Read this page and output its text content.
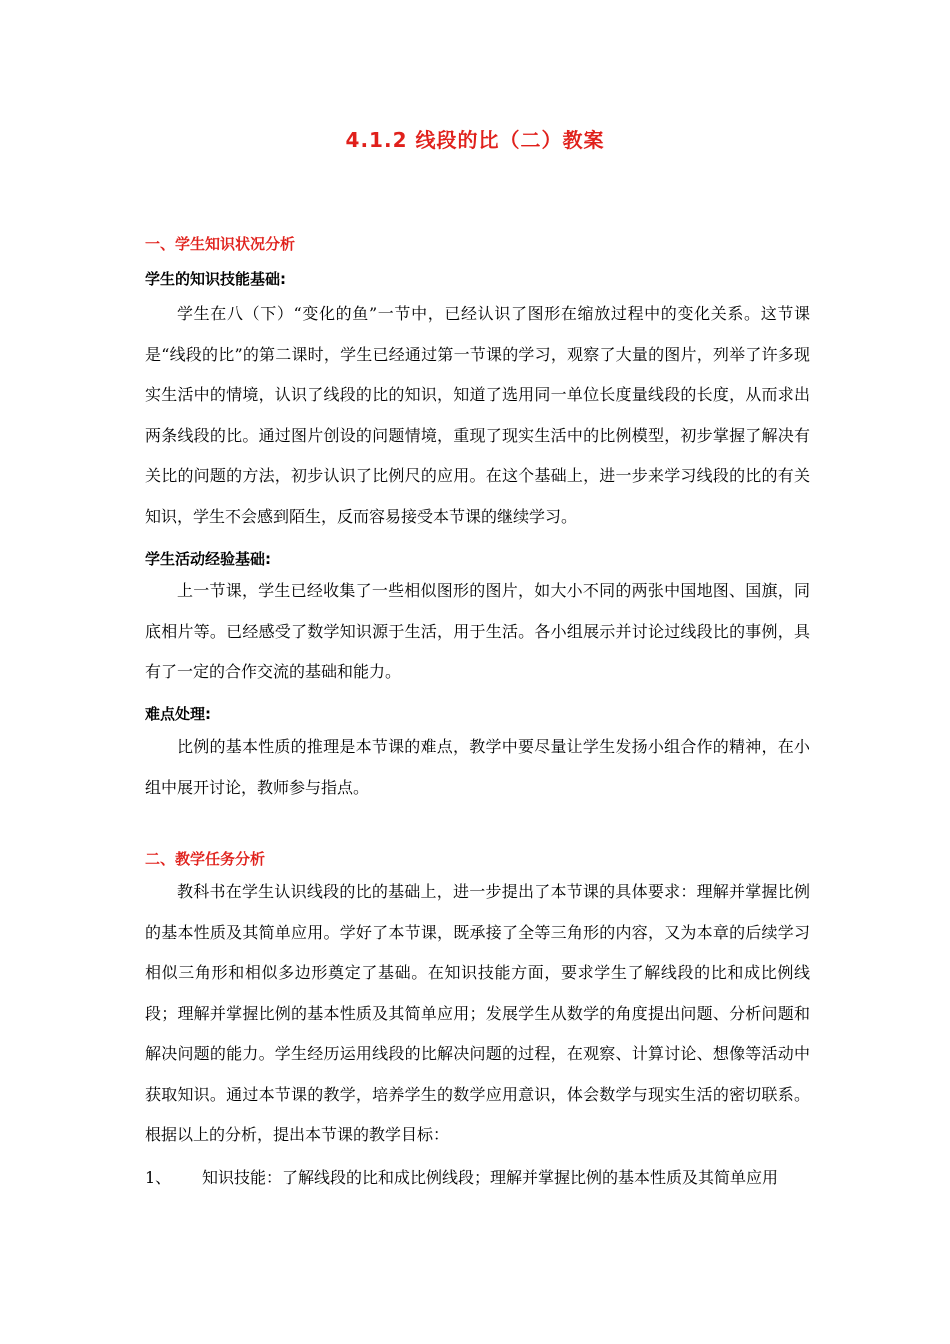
4.1.2 线段的比（二）教案
一、学生知识状况分析
学生的知识技能基础:

学生在八（下）“变化的鱼”一节中，已经认识了图形在缩放过程中的变化关系。这节课是“线段的比”的第二课时，学生已经通过第一节课的学习，观察了大量的图片，列举了许多现实生活中的情境，认识了线段的比的知识，知道了选用同一单位长度量线段的长度，从而求出两条线段的比。通过图片创设的问题情境，重现了现实生活中的比例模型，初步掌握了解决有关比的问题的方法，初步认识了比例尺的应用。在这个基础上，进一步来学习线段的比的有关知识，学生不会感到陌生，反而容易接受本节课的继续学习。

学生活动经验基础:

上一节课，学生已经收集了一些相似图形的图片，如大小不同的两张中国地图、国旗，同底相片等。已经感受了数学知识源于生活，用于生活。各小组展示并讨论过线段比的事例，具有了一定的合作交流的基础和能力。

难点处理:

比例的基本性质的推理是本节课的难点，教学中要尽量让学生发扬小组合作的精神，在小组中展开讨论，教师参与指点。

二、教学任务分析

教科书在学生认识线段的比的基础上，进一步提出了本节课的具体要求：理解并掌握比例的基本性质及其简单应用。学好了本节课，既承接了全等三角形的内容，又为本章的后续学习相似三角形和相似多边形奠定了基础。在知识技能方面，要求学生了解线段的比和成比例线段；理解并掌握比例的基本性质及其简单应用；发展学生从数学的角度提出问题、分析问题和解决问题的能力。学生经历运用线段的比解决问题的过程，在观察、计算讨论、想像等活动中获取知识。通过本节课的教学，培养学生的数学应用意识，体会数学与现实生活的密切联系。根据以上的分析，提出本节课的教学目标：

1、	知识技能：了解线段的比和成比例线段；理解并掌握比例的基本性质及其简单应用
